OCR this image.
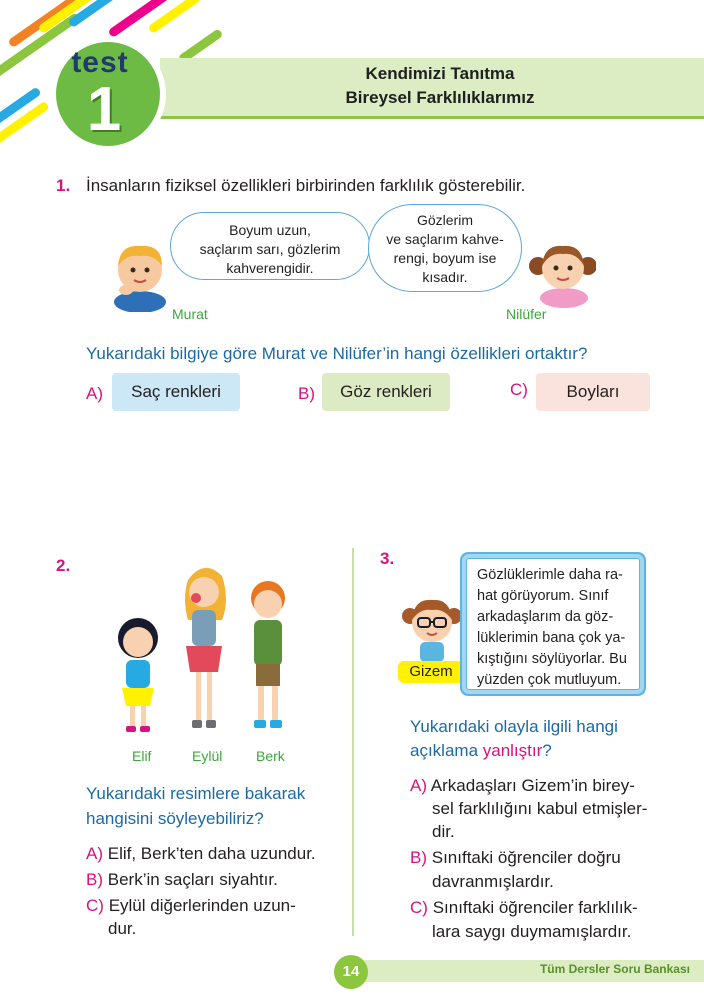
test
1
Kendimizi Tanıtma
Bireysel Farklılıklarımız
1. İnsanların fiziksel özellikleri birbirinden farklılık gösterebilir.
Boyum uzun,
saçlarım sarı, gözlerim
kahverengidir.
Murat
Gözlerim
ve saçlarım kahve-
rengi, boyum ise
kısadır.
Nilüfer
Yukarıdaki bilgiye göre Murat ve Nilüfer’in hangi özellikleri ortaktır?
A)	Saç renkleri	B)	Göz renkleri	C)	Boyları
2.
Elif	Eylül Berk
Yukarıdaki resimlere bakarak
hangisini söyleyebiliriz?
A) Elif, Berk’ten daha uzundur.
B) Berk’in saçları siyahtır.
C) Eylül diğerlerinden uzun-
dur.
3.
Gizem
Gözlüklerimle daha ra-
hat görüyorum. Sınıf
arkadaşlarım da göz-
lüklerimin bana çok ya-
kıştığını söylüyorlar. Bu
yüzden çok mutluyum.
Yukarıdaki olayla ilgili hangi
açıklama yanlıştır?
A) Arkadaşları Gizem’in birey-
sel farklılığını kabul etmişler-
dir.
B) Sınıftaki öğrenciler doğru
davranmışlardır.
C) Sınıftaki öğrenciler farklılık-
lara saygı duymamışlardır.
14	Tüm Dersler Soru Bankası
